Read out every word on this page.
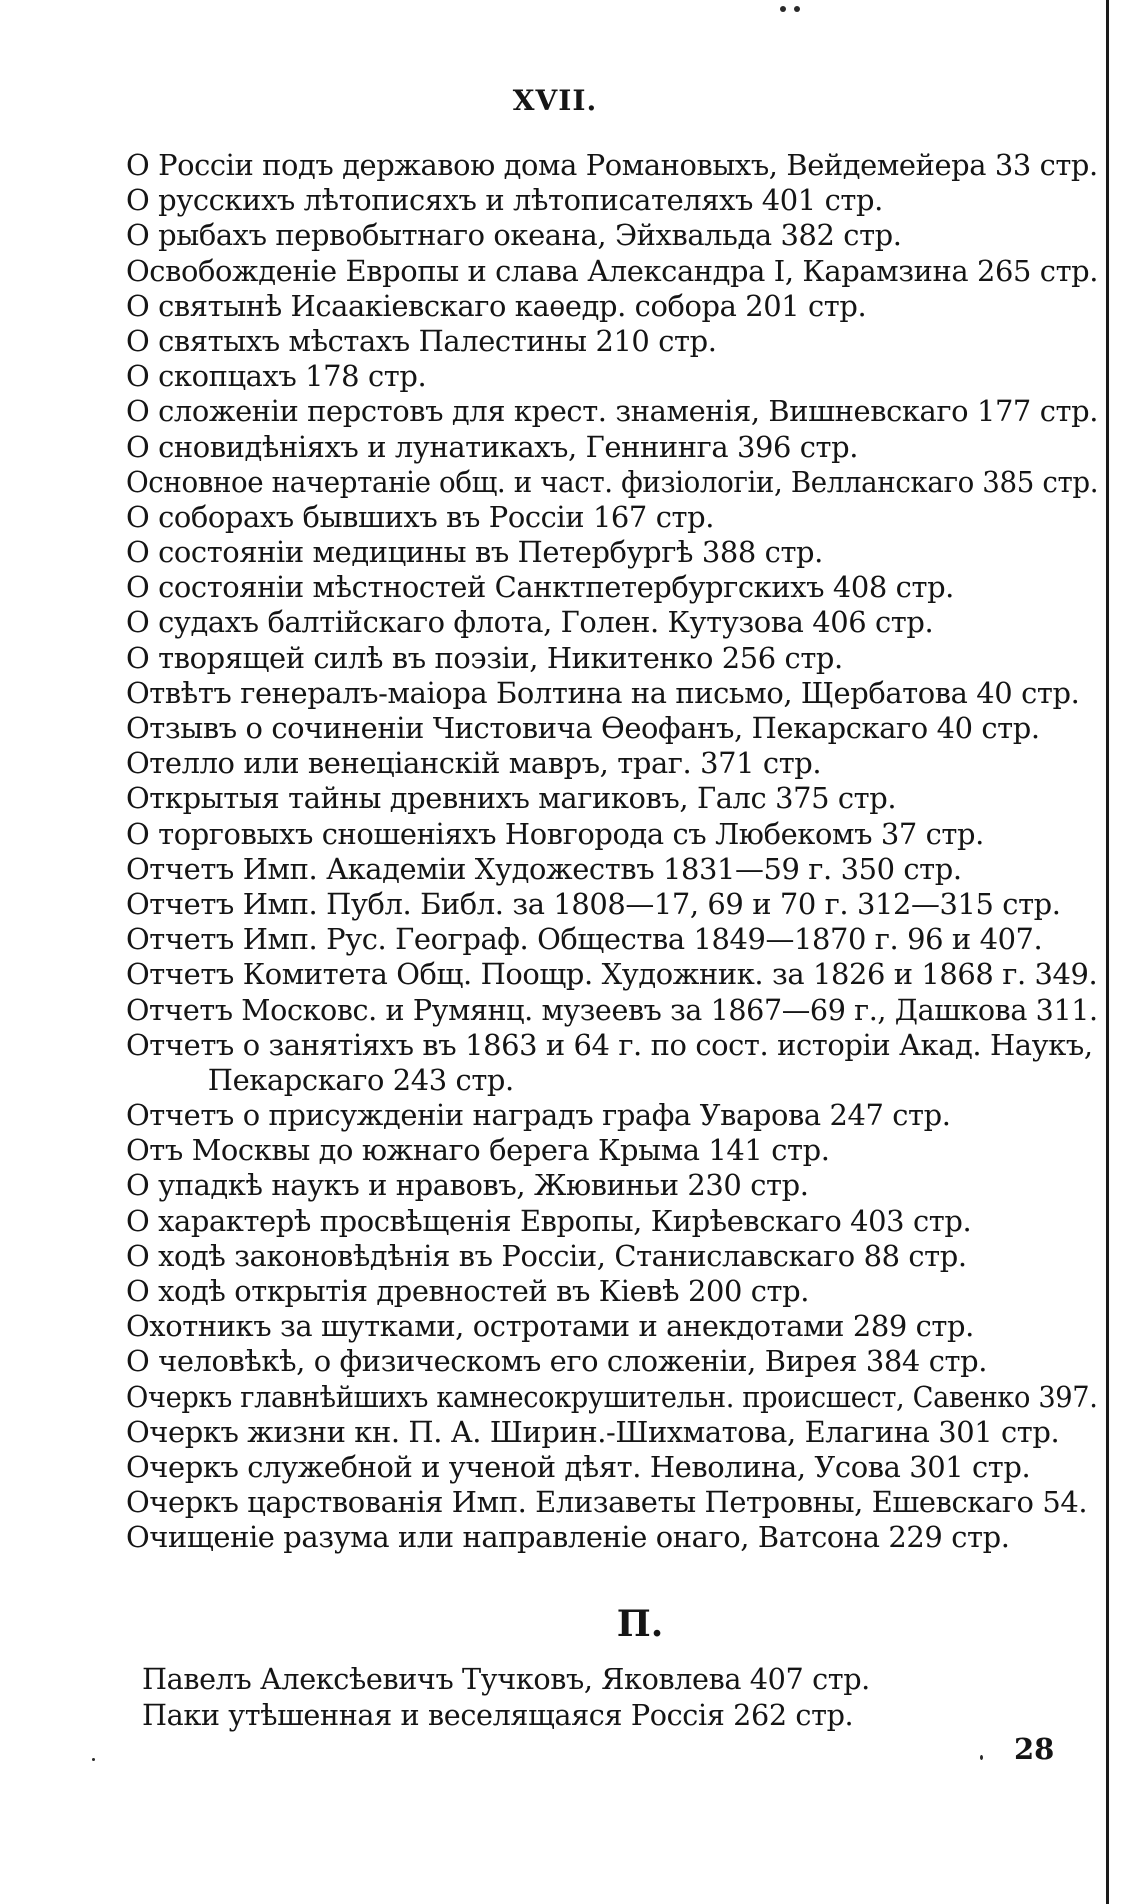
XVII.
О Россіи подъ державою дома Романовыхъ, Вейдемейера 33 стр.
О русскихъ лѣтописяхъ и лѣтописателяхъ 401 стр.
О рыбахъ первобытнаго океана, Эйхвальда 382 стр.
Освобожденіе Европы и слава Александра I, Карамзина 265 стр.
О святынѣ Исаакіевскаго каѳедр. собора 201 стр.
О святыхъ мѣстахъ Палестины 210 стр.
О скопцахъ 178 стр.
О сложеніи перстовъ для крест. знаменія, Вишневскаго 177 стр.
О сновидѣніяхъ и лунатикахъ, Геннинга 396 стр.
Основное начертаніе общ. и част. физіологіи, Велланскаго 385 стр.
О соборахъ бывшихъ въ Россіи 167 стр.
О состояніи медицины въ Петербургѣ 388 стр.
О состояніи мѣстностей Санктпетербургскихъ 408 стр.
О судахъ балтійскаго флота, Голен. Кутузова 406 стр.
О творящей силѣ въ поэзіи, Никитенко 256 стр.
Отвѣтъ генералъ-маіора Болтина на письмо, Щербатова 40 стр.
Отзывъ о сочиненіи Чистовича Ѳеофанъ, Пекарскаго 40 стр.
Отелло или венеціанскій мавръ, траг. 371 стр.
Открытыя тайны древнихъ магиковъ, Галс 375 стр.
О торговыхъ сношеніяхъ Новгорода съ Любекомъ 37 стр.
Отчетъ Имп. Академіи Художествъ 1831—59 г. 350 стр.
Отчетъ Имп. Публ. Библ. за 1808—17, 69 и 70 г. 312—315 стр.
Отчетъ Имп. Рус. Географ. Общества 1849—1870 г. 96 и 407.
Отчетъ Комитета Общ. Поощр. Художник. за 1826 и 1868 г. 349.
Отчетъ Московс. и Румянц. музеевъ за 1867—69 г., Дашкова 311.
Отчетъ о занятіяхъ въ 1863 и 64 г. по сост. исторіи Акад. Наукъ,
Пекарскаго 243 стр.
Отчетъ о присужденіи наградъ графа Уварова 247 стр.
Отъ Москвы до южнаго берега Крыма 141 стр.
О упадкѣ наукъ и нравовъ, Жювиньи 230 стр.
О характерѣ просвѣщенія Европы, Кирѣевскаго 403 стр.
О ходѣ законовѣдѣнія въ Россіи, Станиславскаго 88 стр.
О ходѣ открытія древностей въ Кіевѣ 200 стр.
Охотникъ за шутками, остротами и анекдотами 289 стр.
О человѣкѣ, о физическомъ его сложеніи, Вирея 384 стр.
Очеркъ главнѣйшихъ камнесокрушительн. происшест, Савенко 397.
Очеркъ жизни кн. П. А. Ширин.-Шихматова, Елагина 301 стр.
Очеркъ служебной и ученой дѣят. Неволина, Усова 301 стр.
Очеркъ царствованія Имп. Елизаветы Петровны, Ешевскаго 54.
Очищеніе разума или направленіе онаго, Ватсона 229 стр.
П.
Павелъ Алексѣевичъ Тучковъ, Яковлева 407 стр.
Паки утѣшенная и веселящаяся Россія 262 стр.
28
